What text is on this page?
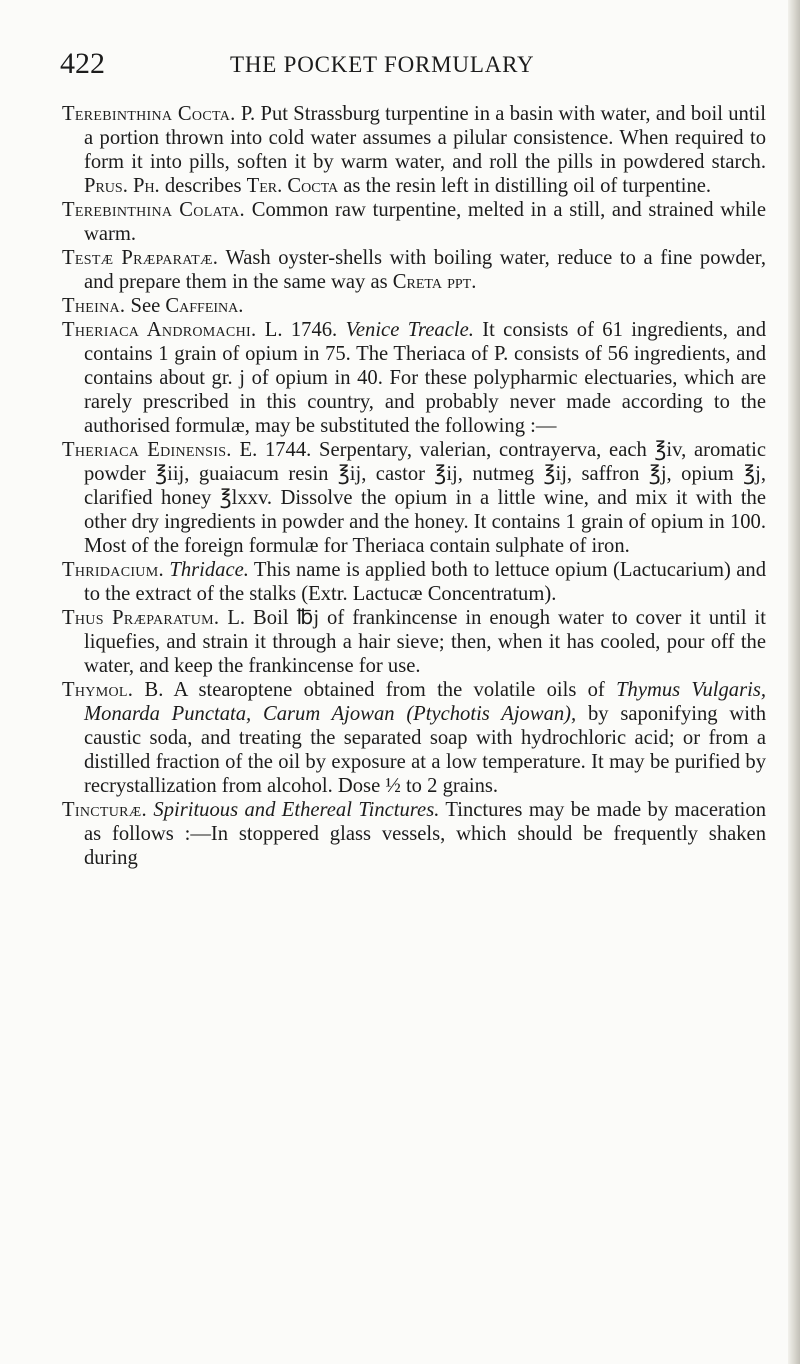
422	THE POCKET FORMULARY

Terebinthina Cocta. P. Put Strassburg turpentine in a basin with water, and boil until a portion thrown into cold water assumes a pilular consistence. When required to form it into pills, soften it by warm water, and roll the pills in powdered starch. Prus. Ph. describes Ter. Cocta as the resin left in distilling oil of turpentine.

Terebinthina Colata. Common raw turpentine, melted in a still, and strained while warm.

Testæ Præparatæ. Wash oyster-shells with boiling water, reduce to a fine powder, and prepare them in the same way as Creta ppt.

Theina. See Caffeina.

Theriaca Andromachi. L. 1746. Venice Treacle. It consists of 61 ingredients, and contains 1 grain of opium in 75. The Theriaca of P. consists of 56 ingredients, and contains about gr. j of opium in 40. For these polypharmic electuaries, which are rarely prescribed in this country, and probably never made according to the authorised formulæ, may be substituted the following :—

Theriaca Edinensis. E. 1744. Serpentary, valerian, contrayerva, each ℥iv, aromatic powder ℥iij, guaiacum resin ℥ij, castor ℥ij, nutmeg ℥ij, saffron ℥j, opium ℥j, clarified honey ℥lxxv. Dissolve the opium in a little wine, and mix it with the other dry ingredients in powder and the honey. It contains 1 grain of opium in 100. Most of the foreign formulæ for Theriaca contain sulphate of iron.

Thridacium. Thridace. This name is applied both to lettuce opium (Lactucarium) and to the extract of the stalks (Extr. Lactucæ Concentratum).

Thus Præparatum. L. Boil ℔j of frankincense in enough water to cover it until it liquefies, and strain it through a hair sieve; then, when it has cooled, pour off the water, and keep the frankincense for use.

Thymol. B. A stearoptene obtained from the volatile oils of Thymus Vulgaris, Monarda Punctata, Carum Ajowan (Ptychotis Ajowan), by saponifying with caustic soda, and treating the separated soap with hydrochloric acid; or from a distilled fraction of the oil by exposure at a low temperature. It may be purified by recrystallization from alcohol. Dose ½ to 2 grains.

Tincturæ. Spirituous and Ethereal Tinctures. Tinctures may be made by maceration as follows :—In stoppered glass vessels, which should be frequently shaken during
